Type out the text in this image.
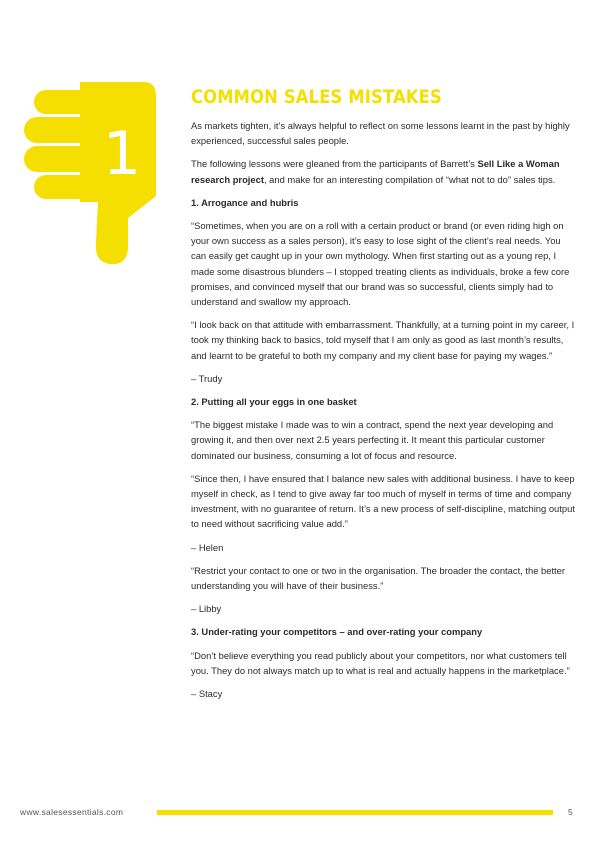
1
COMMON SALES MISTAKES

As markets tighten, it’s always helpful to reflect on some lessons learnt in the past by highly experienced, successful sales people.

The following lessons were gleaned from the participants of Barrett’s Sell Like a Woman research project, and make for an interesting compilation of “what not to do” sales tips.

1. Arrogance and hubris

“Sometimes, when you are on a roll with a certain product or brand (or even riding high on your own success as a sales person), it’s easy to lose sight of the client’s real needs. You can easily get caught up in your own mythology. When first starting out as a young rep, I made some disastrous blunders – I stopped treating clients as individuals, broke a few core promises, and convinced myself that our brand was so successful, clients simply had to understand and swallow my approach.

“I look back on that attitude with embarrassment. Thankfully, at a turning point in my career, I took my thinking back to basics, told myself that I am only as good as last month’s results, and learnt to be grateful to both my company and my client base for paying my wages.”

– Trudy

2. Putting all your eggs in one basket

“The biggest mistake I made was to win a contract, spend the next year developing and growing it, and then over next 2.5 years perfecting it. It meant this particular customer dominated our business, consuming a lot of focus and resource.

“Since then, I have ensured that I balance new sales with additional business. I have to keep myself in check, as I tend to give away far too much of myself in terms of time and company investment, with no guarantee of return. It’s a new process of self-discipline, matching output to need without sacrificing value add.”

– Helen

“Restrict your contact to one or two in the organisation. The broader the contact, the better understanding you will have of their business.”

– Libby

3. Under-rating your competitors – and over-rating your company

“Don’t believe everything you read publicly about your competitors, nor what customers tell you. They do not always match up to what is real and actually happens in the marketplace.”

– Stacy

www.salesessentials.com	5
